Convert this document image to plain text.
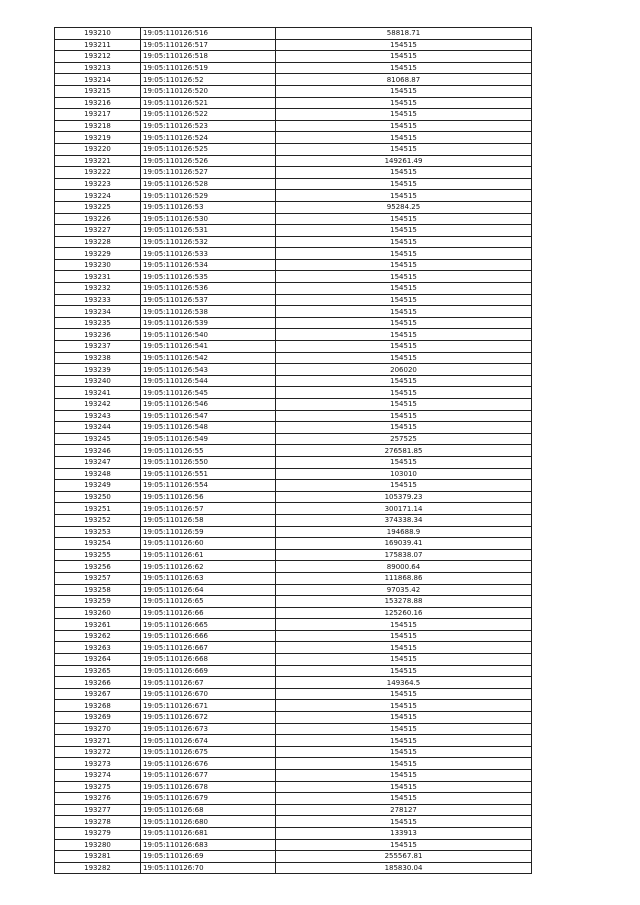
193210	19:05:110126:516	58818.71
193211	19:05:110126:517	154515
193212	19:05:110126:518	154515
193213	19:05:110126:519	154515
193214	19:05:110126:52	81068.87
193215	19:05:110126:520	154515
193216	19:05:110126:521	154515
193217	19:05:110126:522	154515
193218	19:05:110126:523	154515
193219	19:05:110126:524	154515
193220	19:05:110126:525	154515
193221	19:05:110126:526	149261.49
193222	19:05:110126:527	154515
193223	19:05:110126:528	154515
193224	19:05:110126:529	154515
193225	19:05:110126:53	95284.25
193226	19:05:110126:530	154515
193227	19:05:110126:531	154515
193228	19:05:110126:532	154515
193229	19:05:110126:533	154515
193230	19:05:110126:534	154515
193231	19:05:110126:535	154515
193232	19:05:110126:536	154515
193233	19:05:110126:537	154515
193234	19:05:110126:538	154515
193235	19:05:110126:539	154515
193236	19:05:110126:540	154515
193237	19:05:110126:541	154515
193238	19:05:110126:542	154515
193239	19:05:110126:543	206020
193240	19:05:110126:544	154515
193241	19:05:110126:545	154515
193242	19:05:110126:546	154515
193243	19:05:110126:547	154515
193244	19:05:110126:548	154515
193245	19:05:110126:549	257525
193246	19:05:110126:55	276581.85
193247	19:05:110126:550	154515
193248	19:05:110126:551	103010
193249	19:05:110126:554	154515
193250	19:05:110126:56	105379.23
193251	19:05:110126:57	300171.14
193252	19:05:110126:58	374338.34
193253	19:05:110126:59	194688.9
193254	19:05:110126:60	169039.41
193255	19:05:110126:61	175838.07
193256	19:05:110126:62	89000.64
193257	19:05:110126:63	111868.86
193258	19:05:110126:64	97035.42
193259	19:05:110126:65	153278.88
193260	19:05:110126:66	125260.16
193261	19:05:110126:665	154515
193262	19:05:110126:666	154515
193263	19:05:110126:667	154515
193264	19:05:110126:668	154515
193265	19:05:110126:669	154515
193266	19:05:110126:67	149364.5
193267	19:05:110126:670	154515
193268	19:05:110126:671	154515
193269	19:05:110126:672	154515
193270	19:05:110126:673	154515
193271	19:05:110126:674	154515
193272	19:05:110126:675	154515
193273	19:05:110126:676	154515
193274	19:05:110126:677	154515
193275	19:05:110126:678	154515
193276	19:05:110126:679	154515
193277	19:05:110126:68	278127
193278	19:05:110126:680	154515
193279	19:05:110126:681	133913
193280	19:05:110126:683	154515
193281	19:05:110126:69	255567.81
193282	19:05:110126:70	185830.04
